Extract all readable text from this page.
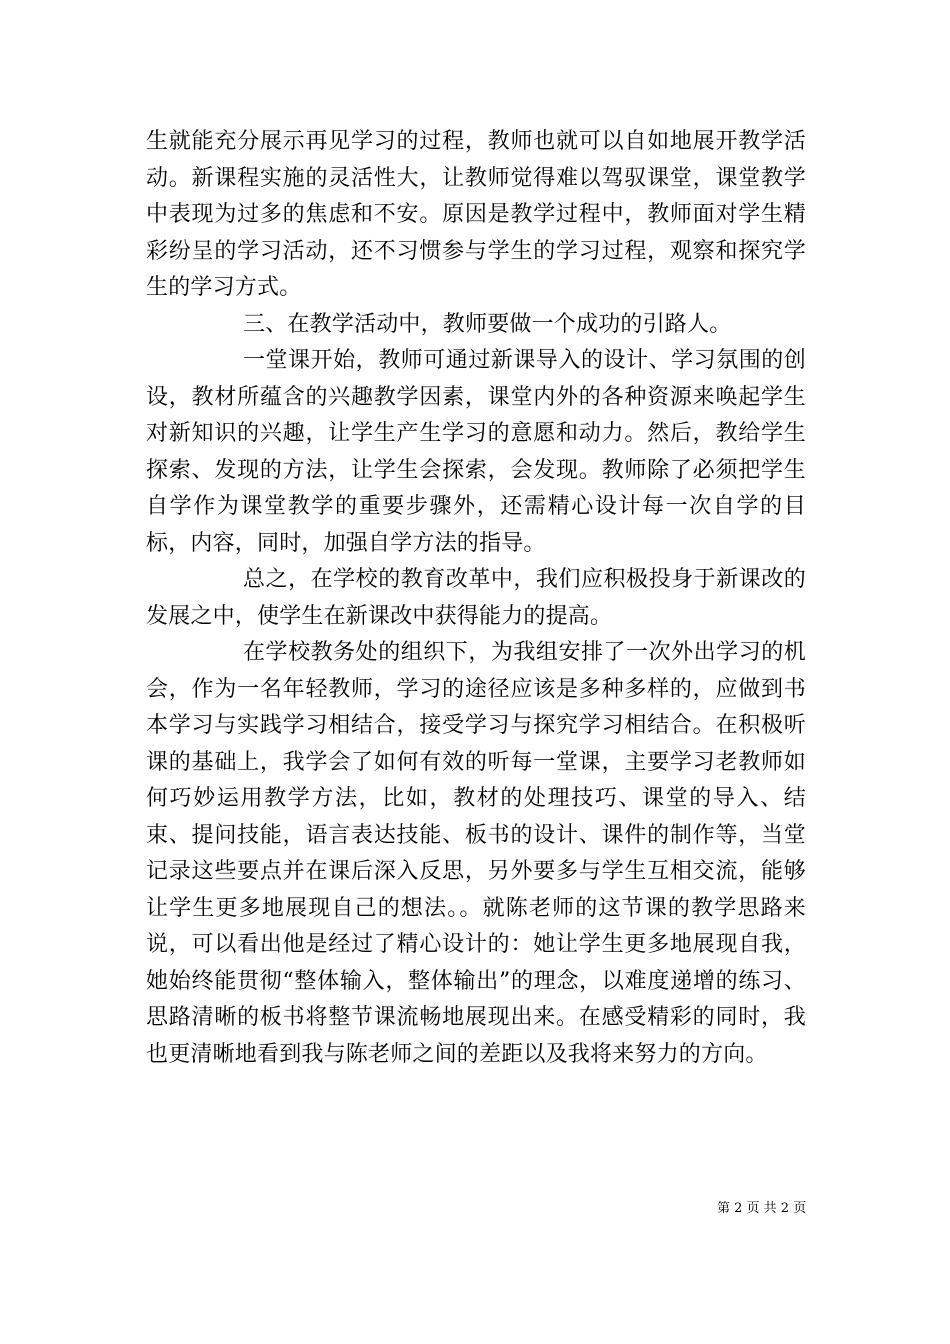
生就能充分展示再见学习的过程，教师也就可以自如地展开教学活动。新课程实施的灵活性大，让教师觉得难以驾驭课堂，课堂教学中表现为过多的焦虑和不安。原因是教学过程中，教师面对学生精彩纷呈的学习活动，还不习惯参与学生的学习过程，观察和探究学生的学习方式。

三、在教学活动中，教师要做一个成功的引路人。

一堂课开始，教师可通过新课导入的设计、学习氛围的创设，教材所蕴含的兴趣教学因素，课堂内外的各种资源来唤起学生对新知识的兴趣，让学生产生学习的意愿和动力。然后，教给学生探索、发现的方法，让学生会探索，会发现。教师除了必须把学生自学作为课堂教学的重要步骤外，还需精心设计每一次自学的目标，内容，同时，加强自学方法的指导。

总之，在学校的教育改革中，我们应积极投身于新课改的发展之中，使学生在新课改中获得能力的提高。

在学校教务处的组织下，为我组安排了一次外出学习的机会，作为一名年轻教师，学习的途径应该是多种多样的，应做到书本学习与实践学习相结合，接受学习与探究学习相结合。在积极听课的基础上，我学会了如何有效的听每一堂课，主要学习老教师如何巧妙运用教学方法，比如，教材的处理技巧、课堂的导入、结束、提问技能，语言表达技能、板书的设计、课件的制作等，当堂记录这些要点并在课后深入反思，另外要多与学生互相交流，能够让学生更多地展现自己的想法。。就陈老师的这节课的教学思路来说，可以看出他是经过了精心设计的：她让学生更多地展现自我，她始终能贯彻“整体输入，整体输出”的理念，以难度递增的练习、思路清晰的板书将整节课流畅地展现出来。在感受精彩的同时，我也更清晰地看到我与陈老师之间的差距以及我将来努力的方向。

第 2 页 共 2 页
